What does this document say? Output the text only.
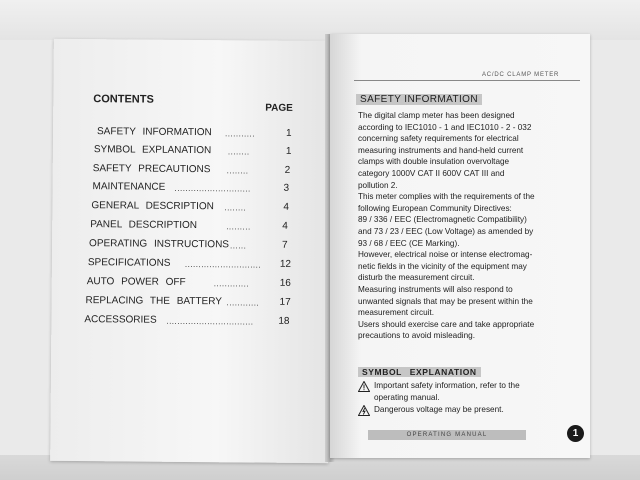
CONTENTS
PAGE
SAFETY INFORMATION ...........	1
SYMBOL EXPLANATION ........	1
SAFETY PRECAUTIONS ........	2
MAINTENANCE ............................	3
GENERAL DESCRIPTION ........	4
PANEL DESCRIPTION	.........	4
OPERATING INSTRUCTIONS ......	7
SPECIFICATIONS ............................	12
AUTO POWER OFF	.............	16
REPLACING THE BATTERY ............	17
ACCESSORIES ................................	18
AC/DC CLAMP METER
SAFETY INFORMATION
The digital clamp meter has been designed
according to IEC1010 - 1 and IEC1010 - 2 - 032
concerning safety requirements for electrical
measuring instruments and hand-held current
clamps with double insulation overvoltage
category 1000V CAT II 600V CAT III and
pollution 2.
This meter complies with the requirements of the
following European Community Directives:
89 / 336 / EEC (Electromagnetic Compatibility)
and 73 / 23 / EEC (Low Voltage) as amended by
93 / 68 / EEC (CE Marking).
However, electrical noise or intense electromag-
netic fields in the vicinity of the equipment may
disturb the measurement circuit.
Measuring instruments will also respond to
unwanted signals that may be present within the
measurement circuit.
Users should exercise care and take appropriate
precautions to avoid misleading.
SYMBOL EXPLANATION
Important safety information, refer to the
operating manual.
Dangerous voltage may be present.
OPERATING MANUAL	1
